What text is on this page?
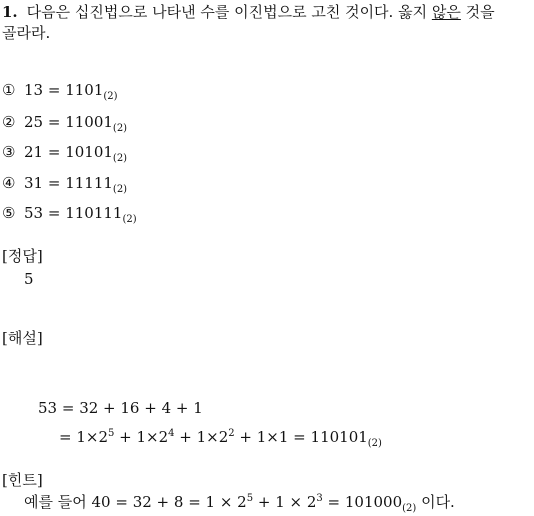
1. 다음은 십진법으로 나타낸 수를 이진법으로 고친 것이다. 옳지 않은 것을
골라라.
① $13 = 1101_{(2)}$
② $25 = 11001_{(2)}$
③ $21 = 10101_{(2)}$
④ $31 = 11111_{(2)}$
⑤ $53 = 110111_{(2)}$
[정답]
5
[해설]
53 = 32 + 16 + 4 + 1
= $1\times 2^5 + 1\times 2^4 + 1\times 2^2 + 1\times 1 = 110101_{(2)}$
[힌트]
예를 들어 $40 = 32 + 8 = 1 \times 2^5 + 1 \times 2^3 = 101000_{(2)}$ 이다.
